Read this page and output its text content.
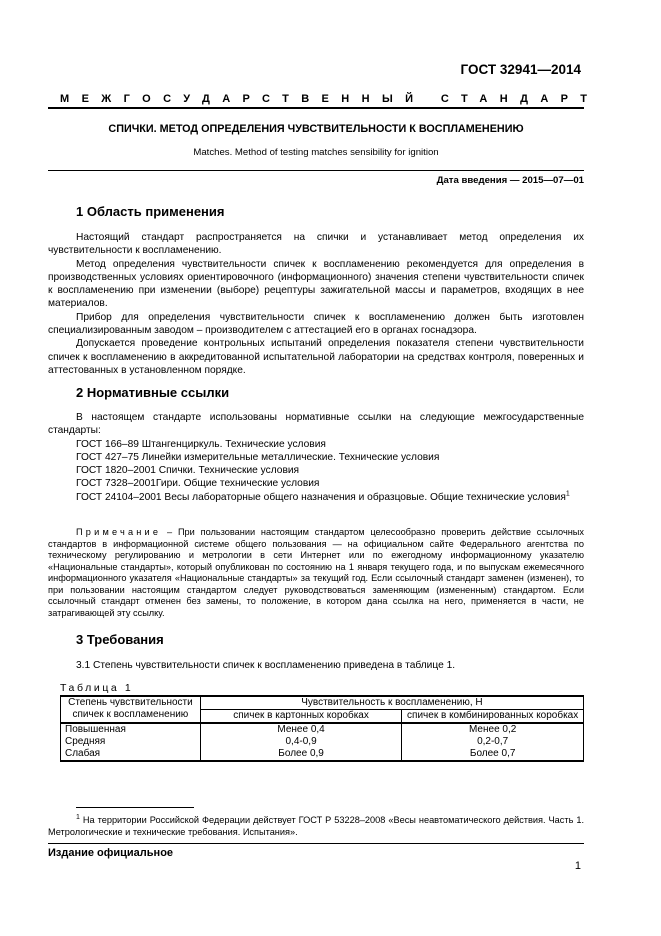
ГОСТ 32941—2014
МЕЖГОСУДАРСТВЕННЫЙ СТАНДАРТ
СПИЧКИ. МЕТОД ОПРЕДЕЛЕНИЯ ЧУВСТВИТЕЛЬНОСТИ К ВОСПЛАМЕНЕНИЮ
Matches. Method of testing matches sensibility for ignition
Дата введения — 2015—07—01
1 Область применения

Настоящий стандарт распространяется на спички и устанавливает метод определения их чувствительности к воспламенению.

Метод определения чувствительности спичек к воспламенению рекомендуется для определения в производственных условиях ориентировочного (информационного) значения степени чувствительности спичек к воспламенению при изменении (выборе) рецептуры зажигательной массы и параметров, входящих в нее материалов.

Прибор для определения чувствительности спичек к воспламенению должен быть изготовлен специализированным заводом – производителем с аттестацией его в органах госнадзора.

Допускается проведение контрольных испытаний определения показателя степени чувствительности спичек к воспламенению в аккредитованной испытательной лаборатории на средствах контроля, поверенных и аттестованных в установленном порядке.

2 Нормативные ссылки

В настоящем стандарте использованы нормативные ссылки на следующие межгосударственные стандарты:

ГОСТ 166–89 Штангенциркуль. Технические условия

ГОСТ 427–75 Линейки измерительные металлические. Технические условия

ГОСТ 1820–2001 Спички. Технические условия

ГОСТ 7328–2001Гири. Общие технические условия

ГОСТ 24104–2001 Весы лабораторные общего назначения и образцовые. Общие технические условия$^1$

Примечание – При пользовании настоящим стандартом целесообразно проверить действие ссылочных стандартов в информационной системе общего пользования — на официальном сайте Федерального агентства по техническому регулированию и метрологии в сети Интернет или по ежегодному информационному указателю «Национальные стандарты», который опубликован по состоянию на 1 января текущего года, и по выпускам ежемесячного информационного указателя «Национальные стандарты» за текущий год. Если ссылочный стандарт заменен (изменен), то при пользовании настоящим стандартом следует руководствоваться заменяющим (измененным) стандартом. Если ссылочный стандарт отменен без замены, то положение, в котором дана ссылка на него, применяется в части, не затрагивающей эту ссылку.

3 Требования

3.1 Степень чувствительности спичек к воспламенению приведена в таблице 1.

Таблица 1
Степень чувствительности спичек к воспламенению	Чувствительность к воспламенению, Н	
	спичек в картонных коробках	спичек в комбинированных коробках
Повышенная	Менее 0,4	Менее 0,2
Средняя	0,4-0,9	0,2-0,7
Слабая	Более 0,9	Более 0,7

$^1$ На территории Российской Федерации действует ГОСТ Р 53228–2008 «Весы неавтоматического действия. Часть 1. Метрологические и технические требования. Испытания».

Издание официальное
1
